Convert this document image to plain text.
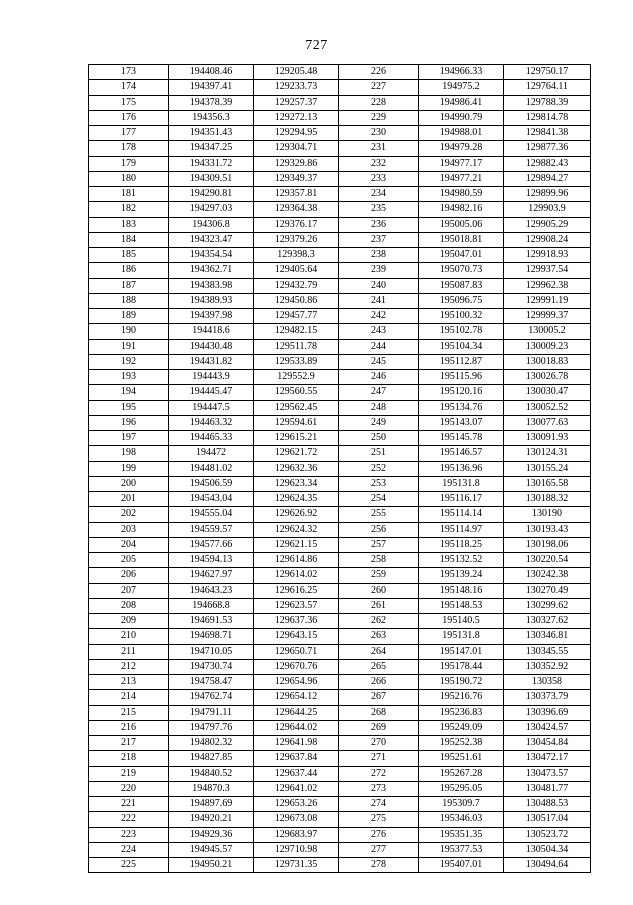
727
173	194408.46	129205.48	226	194966.33	129750.17
174	194397.41	129233.73	227	194975.2	129764.11
175	194378.39	129257.37	228	194986.41	129788.39
176	194356.3	129272.13	229	194990.79	129814.78
177	194351.43	129294.95	230	194988.01	129841.38
178	194347.25	129304.71	231	194979.28	129877.36
179	194331.72	129329.86	232	194977.17	129882.43
180	194309.51	129349.37	233	194977.21	129894.27
181	194290.81	129357.81	234	194980.59	129899.96
182	194297.03	129364.38	235	194982.16	129903.9
183	194306.8	129376.17	236	195005.06	129905.29
184	194323.47	129379.26	237	195018.81	129908.24
185	194354.54	129398.3	238	195047.01	129918.93
186	194362.71	129405.64	239	195070.73	129937.54
187	194383.98	129432.79	240	195087.83	129962.38
188	194389.93	129450.86	241	195096.75	129991.19
189	194397.98	129457.77	242	195100.32	129999.37
190	194418.6	129482.15	243	195102.78	130005.2
191	194430.48	129511.78	244	195104.34	130009.23
192	194431.82	129533.89	245	195112.87	130018.83
193	194443.9	129552.9	246	195115.96	130026.78
194	194445.47	129560.55	247	195120.16	130030.47
195	194447.5	129562.45	248	195134.76	130052.52
196	194463.32	129594.61	249	195143.07	130077.63
197	194465.33	129615.21	250	195145.78	130091.93
198	194472	129621.72	251	195146.57	130124.31
199	194481.02	129632.36	252	195136.96	130155.24
200	194506.59	129623.34	253	195131.8	130165.58
201	194543.04	129624.35	254	195116.17	130188.32
202	194555.04	129626.92	255	195114.14	130190
203	194559.57	129624.32	256	195114.97	130193.43
204	194577.66	129621.15	257	195118.25	130198.06
205	194594.13	129614.86	258	195132.52	130220.54
206	194627.97	129614.02	259	195139.24	130242.38
207	194643.23	129616.25	260	195148.16	130270.49
208	194668.8	129623.57	261	195148.53	130299.62
209	194691.53	129637.36	262	195140.5	130327.62
210	194698.71	129643.15	263	195131.8	130346.81
211	194710.05	129650.71	264	195147.01	130345.55
212	194730.74	129670.76	265	195178.44	130352.92
213	194758.47	129654.96	266	195190.72	130358
214	194762.74	129654.12	267	195216.76	130373.79
215	194791.11	129644.25	268	195236.83	130396.69
216	194797.76	129644.02	269	195249.09	130424.57
217	194802.32	129641.98	270	195252.38	130454.84
218	194827.85	129637.84	271	195251.61	130472.17
219	194840.52	129637.44	272	195267.28	130473.57
220	194870.3	129641.02	273	195295.05	130481.77
221	194897.69	129653.26	274	195309.7	130488.53
222	194920.21	129673.08	275	195346.03	130517.04
223	194929.36	129683.97	276	195351.35	130523.72
224	194945.57	129710.98	277	195377.53	130504.34
225	194950.21	129731.35	278	195407.01	130494.64
